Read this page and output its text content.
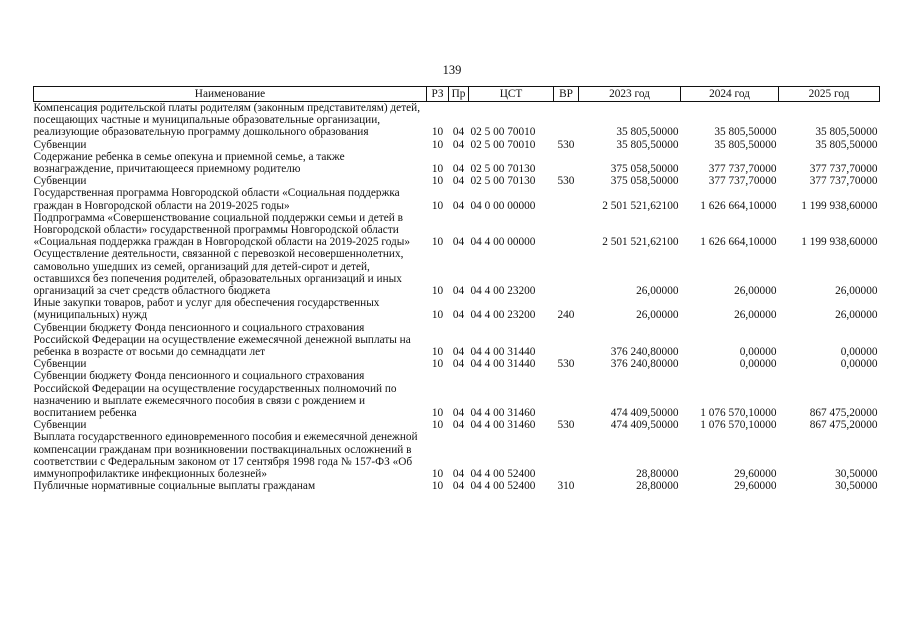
139
Наименование	РЗ	Пр	ЦСТ	ВР	2023 год	2024 год	2025 год
Компенсация родительской платы родителям (законным представителям) детей, посещающих частные и муниципальные образовательные организации, реализующие образовательную программу дошкольного образования	10	04	02 5 00 70010		35 805,50000	35 805,50000	35 805,50000
Субвенции	10	04	02 5 00 70010	530	35 805,50000	35 805,50000	35 805,50000
Содержание ребенка в семье опекуна и приемной семье, а также вознаграждение, причитающееся приемному родителю	10	04	02 5 00 70130		375 058,50000	377 737,70000	377 737,70000
Субвенции	10	04	02 5 00 70130	530	375 058,50000	377 737,70000	377 737,70000
Государственная программа Новгородской области «Социальная поддержка граждан в Новгородской области на 2019-2025 годы»	10	04	04 0 00 00000		2 501 521,62100	1 626 664,10000	1 199 938,60000
Подпрограмма «Совершенствование социальной поддержки семьи и детей в Новгородской области» государственной программы Новгородской области «Социальная поддержка граждан в Новгородской области на 2019-2025 годы»	10	04	04 4 00 00000		2 501 521,62100	1 626 664,10000	1 199 938,60000
Осуществление деятельности, связанной с перевозкой несовершеннолетних, самовольно ушедших из семей, организаций для детей-сирот и детей, оставшихся без попечения родителей, образовательных организаций и иных организаций за счет средств областного бюджета	10	04	04 4 00 23200		26,00000	26,00000	26,00000
Иные закупки товаров, работ и услуг для обеспечения государственных (муниципальных) нужд	10	04	04 4 00 23200	240	26,00000	26,00000	26,00000
Субвенции бюджету Фонда пенсионного и социального страхования Российской Федерации на осуществление ежемесячной денежной выплаты на ребенка в возрасте от восьми до семнадцати лет	10	04	04 4 00 31440		376 240,80000	0,00000	0,00000
Субвенции	10	04	04 4 00 31440	530	376 240,80000	0,00000	0,00000
Субвенции бюджету Фонда пенсионного и социального страхования Российской Федерации на осуществление государственных полномочий по назначению и выплате ежемесячного пособия в связи с рождением и воспитанием ребенка	10	04	04 4 00 31460		474 409,50000	1 076 570,10000	867 475,20000
Субвенции	10	04	04 4 00 31460	530	474 409,50000	1 076 570,10000	867 475,20000
Выплата государственного единовременного пособия и ежемесячной денежной компенсации гражданам при возникновении поствакцинальных осложнений в соответствии с Федеральным законом от 17 сентября 1998 года № 157-ФЗ «Об иммунопрофилактике инфекционных болезней»	10	04	04 4 00 52400		28,80000	29,60000	30,50000
Публичные нормативные социальные выплаты гражданам	10	04	04 4 00 52400	310	28,80000	29,60000	30,50000
